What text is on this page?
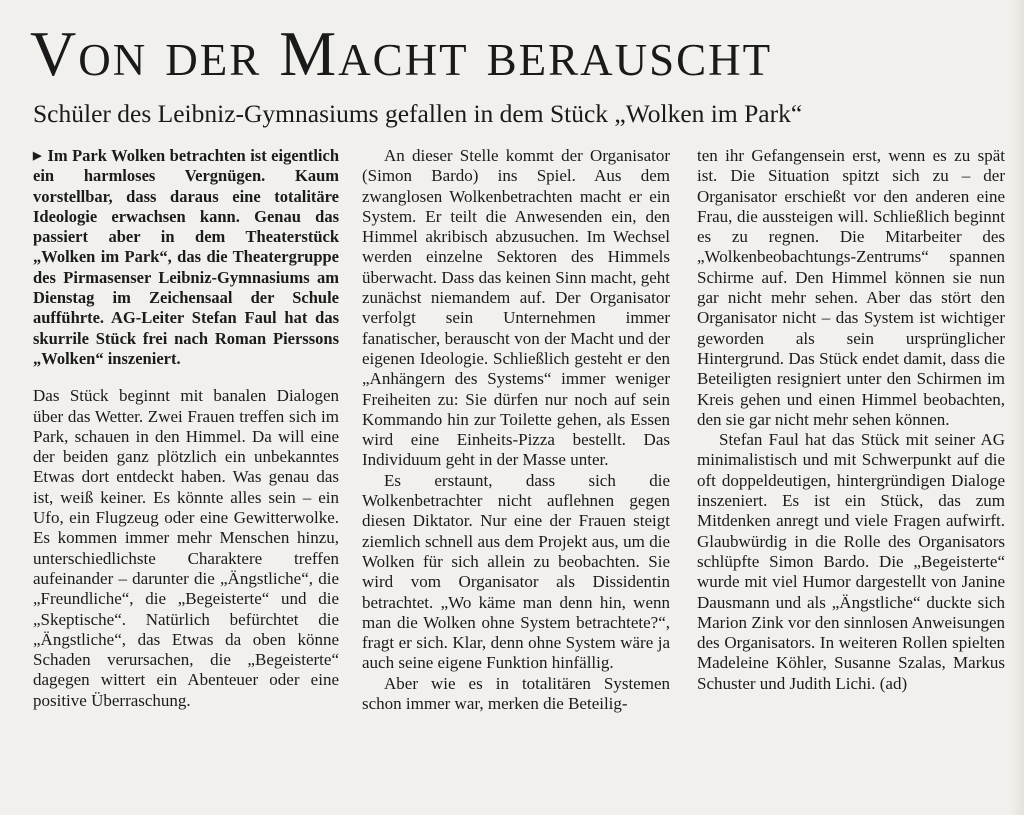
Von der Macht berauscht
Schüler des Leibniz-Gymnasiums gefallen in dem Stück „Wolken im Park“

▶ Im Park Wolken betrachten ist eigentlich ein harmloses Vergnügen. Kaum vorstellbar, dass daraus eine totalitäre Ideologie erwachsen kann. Genau das passiert aber in dem Theaterstück „Wolken im Park“, das die Theatergruppe des Pirmasenser Leibniz-Gymnasiums am Dienstag im Zeichensaal der Schule aufführte. AG-Leiter Stefan Faul hat das skurrile Stück frei nach Roman Pierssons „Wolken“ inszeniert.

Das Stück beginnt mit banalen Dialogen über das Wetter. Zwei Frauen treffen sich im Park, schauen in den Himmel. Da will eine der beiden ganz plötzlich ein unbekanntes Etwas dort entdeckt haben. Was genau das ist, weiß keiner. Es könnte alles sein – ein Ufo, ein Flugzeug oder eine Gewitterwolke. Es kommen immer mehr Menschen hinzu, unterschiedlichste Charaktere treffen aufeinander – darunter die „Ängstliche“, die „Freundliche“, die „Begeisterte“ und die „Skeptische“. Natürlich befürchtet die „Ängstliche“, das Etwas da oben könne Schaden verursachen, die „Begeisterte“ dagegen wittert ein Abenteuer oder eine positive Überraschung.

An dieser Stelle kommt der Organisator (Simon Bardo) ins Spiel. Aus dem zwanglosen Wolkenbetrachten macht er ein System. Er teilt die Anwesenden ein, den Himmel akribisch abzusuchen. Im Wechsel werden einzelne Sektoren des Himmels überwacht. Dass das keinen Sinn macht, geht zunächst niemandem auf. Der Organisator verfolgt sein Unternehmen immer fanatischer, berauscht von der Macht und der eigenen Ideologie. Schließlich gesteht er den „Anhängern des Systems“ immer weniger Freiheiten zu: Sie dürfen nur noch auf sein Kommando hin zur Toilette gehen, als Essen wird eine Einheits-Pizza bestellt. Das Individuum geht in der Masse unter.

Es erstaunt, dass sich die Wolkenbetrachter nicht auflehnen gegen diesen Diktator. Nur eine der Frauen steigt ziemlich schnell aus dem Projekt aus, um die Wolken für sich allein zu beobachten. Sie wird vom Organisator als Dissidentin betrachtet. „Wo käme man denn hin, wenn man die Wolken ohne System betrachtete?“, fragt er sich. Klar, denn ohne System wäre ja auch seine eigene Funktion hinfällig.

Aber wie es in totalitären Systemen schon immer war, merken die Beteilig-

ten ihr Gefangensein erst, wenn es zu spät ist. Die Situation spitzt sich zu – der Organisator erschießt vor den anderen eine Frau, die aussteigen will. Schließlich beginnt es zu regnen. Die Mitarbeiter des „Wolkenbeobachtungs-Zentrums“ spannen Schirme auf. Den Himmel können sie nun gar nicht mehr sehen. Aber das stört den Organisator nicht – das System ist wichtiger geworden als sein ursprünglicher Hintergrund. Das Stück endet damit, dass die Beteiligten resigniert unter den Schirmen im Kreis gehen und einen Himmel beobachten, den sie gar nicht mehr sehen können.

Stefan Faul hat das Stück mit seiner AG minimalistisch und mit Schwerpunkt auf die oft doppeldeutigen, hintergründigen Dialoge inszeniert. Es ist ein Stück, das zum Mitdenken anregt und viele Fragen aufwirft. Glaubwürdig in die Rolle des Organisators schlüpfte Simon Bardo. Die „Begeisterte“ wurde mit viel Humor dargestellt von Janine Dausmann und als „Ängstliche“ duckte sich Marion Zink vor den sinnlosen Anweisungen des Organisators. In weiteren Rollen spielten Madeleine Köhler, Susanne Szalas, Markus Schuster und Judith Lichi. (ad)
